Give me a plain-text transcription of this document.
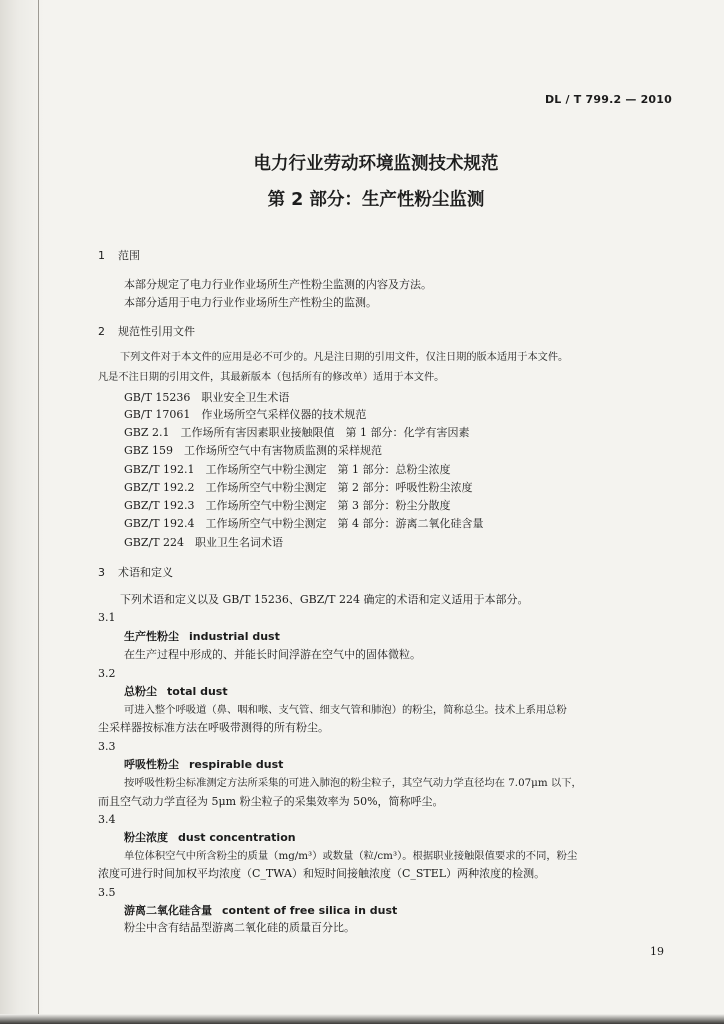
DL / T 799.2 — 2010
电力行业劳动环境监测技术规范
第 2 部分：生产性粉尘监测
1 范围
本部分规定了电力行业作业场所生产性粉尘监测的内容及方法。
本部分适用于电力行业作业场所生产性粉尘的监测。
2 规范性引用文件
下列文件对于本文件的应用是必不可少的。凡是注日期的引用文件，仅注日期的版本适用于本文件。
凡是不注日期的引用文件，其最新版本（包括所有的修改单）适用于本文件。
GB/T 15236　职业安全卫生术语
GB/T 17061　作业场所空气采样仪器的技术规范
GBZ 2.1　工作场所有害因素职业接触限值　第 1 部分：化学有害因素
GBZ 159　工作场所空气中有害物质监测的采样规范
GBZ/T 192.1　工作场所空气中粉尘测定　第 1 部分：总粉尘浓度
GBZ/T 192.2　工作场所空气中粉尘测定　第 2 部分：呼吸性粉尘浓度
GBZ/T 192.3　工作场所空气中粉尘测定　第 3 部分：粉尘分散度
GBZ/T 192.4　工作场所空气中粉尘测定　第 4 部分：游离二氧化硅含量
GBZ/T 224　职业卫生名词术语
3 术语和定义
下列术语和定义以及 GB/T 15236、GBZ/T 224 确定的术语和定义适用于本部分。
3.1
生产性粉尘 industrial dust
在生产过程中形成的、并能长时间浮游在空气中的固体微粒。
3.2
总粉尘 total dust
可进入整个呼吸道（鼻、咽和喉、支气管、细支气管和肺泡）的粉尘，简称总尘。技术上系用总粉
尘采样器按标准方法在呼吸带测得的所有粉尘。
3.3
呼吸性粉尘 respirable dust
按呼吸性粉尘标准测定方法所采集的可进入肺泡的粉尘粒子，其空气动力学直径均在 7.07μm 以下，
而且空气动力学直径为 5μm 粉尘粒子的采集效率为 50%，简称呼尘。
3.4
粉尘浓度 dust concentration
单位体积空气中所含粉尘的质量（mg/m³）或数量（粒/cm³）。根据职业接触限值要求的不同，粉尘
浓度可进行时间加权平均浓度（C_TWA）和短时间接触浓度（C_STEL）两种浓度的检测。
3.5
游离二氧化硅含量 content of free silica in dust
粉尘中含有结晶型游离二氧化硅的质量百分比。
19
